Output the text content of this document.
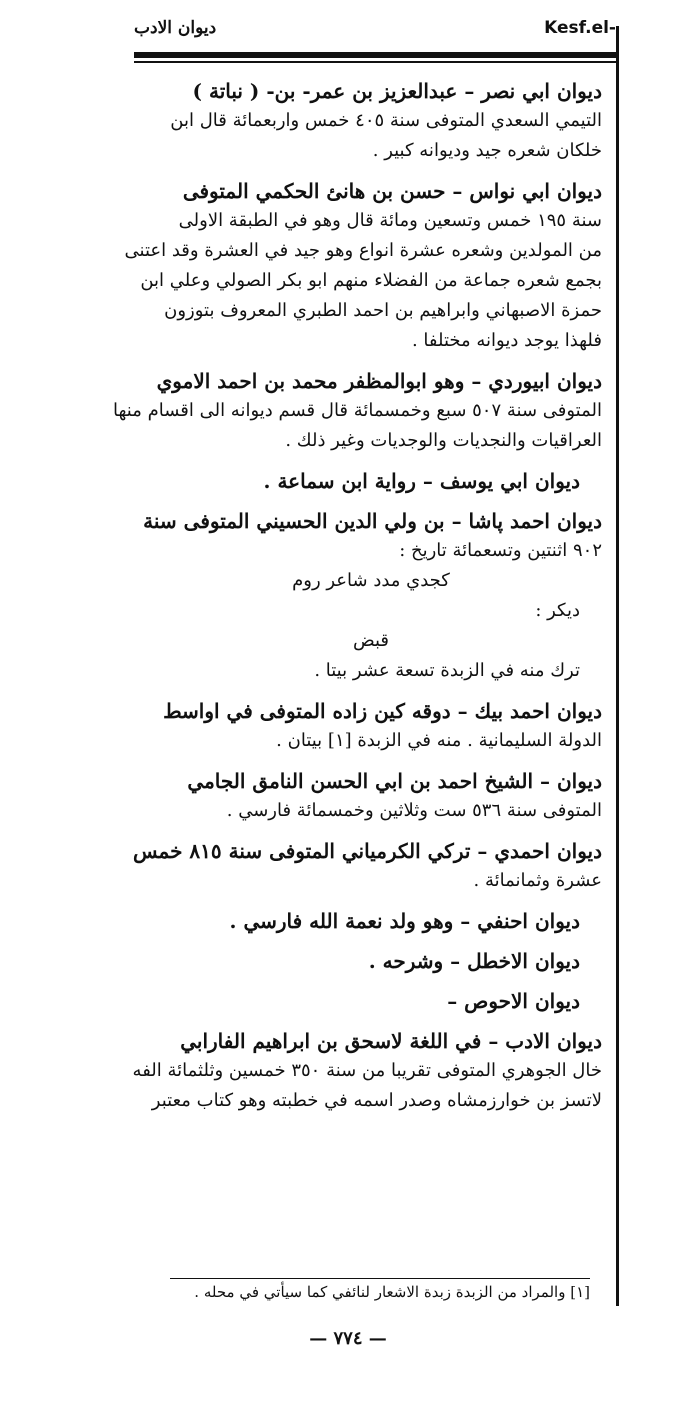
ديوان الادب	Kesf.el-
ديوان ابي نصر – عبدالعزيز بن عمر- بن- ( نباتة )
التيمي السعدي المتوفى سنة ٤٠٥ خمس واربعمائة قال ابن
خلكان شعره جيد وديوانه كبير .
ديوان ابي نواس – حسن بن هانئ الحكمي المتوفى
سنة ١٩٥ خمس وتسعين ومائة قال وهو في الطبقة الاولى
من المولدين وشعره عشرة انواع وهو جيد في العشرة وقد اعتنى
بجمع شعره جماعة من الفضلاء منهم ابو بكر الصولي وعلي ابن
حمزة الاصبهاني وابراهيم بن احمد الطبري المعروف بتوزون
فلهذا يوجد ديوانه مختلفا .
ديوان ابيوردي – وهو ابوالمظفر محمد بن احمد الاموي
المتوفى سنة ٥٠٧ سبع وخمسمائة قال قسم ديوانه الى اقسام منها
العراقيات والنجديات والوجديات وغير ذلك .
ديوان ابي يوسف – رواية ابن سماعة .
ديوان احمد پاشا – بن ولي الدين الحسيني المتوفى سنة
٩٠٢ اثنتين وتسعمائة تاريخ :
كجدي مدد شاعر روم
ديكر :
قبض
ترك منه في الزبدة تسعة عشر بيتا .
ديوان احمد بيك – دوقه كين زاده المتوفى في اواسط
الدولة السليمانية . منه في الزبدة [١] بيتان .
ديوان – الشيخ احمد بن ابي الحسن النامق الجامي
المتوفى سنة ٥٣٦ ست وثلاثين وخمسمائة فارسي .
ديوان احمدي – تركي الكرمياني المتوفى سنة ٨١٥ خمس
عشرة وثمانمائة .
ديوان احنفي – وهو ولد نعمة الله فارسي .
ديوان الاخطل – وشرحه .
ديوان الاحوص –
ديوان الادب – في اللغة لاسحق بن ابراهيم الفارابي
خال الجوهري المتوفى تقريبا من سنة ٣٥٠ خمسين وثلثمائة الفه
لاتسز بن خوارزمشاه وصدر اسمه في خطبته وهو كتاب معتبر
[١] والمراد من الزبدة زبدة الاشعار لنائفي كما سيأتي في محله .
— ٧٧٤ —
